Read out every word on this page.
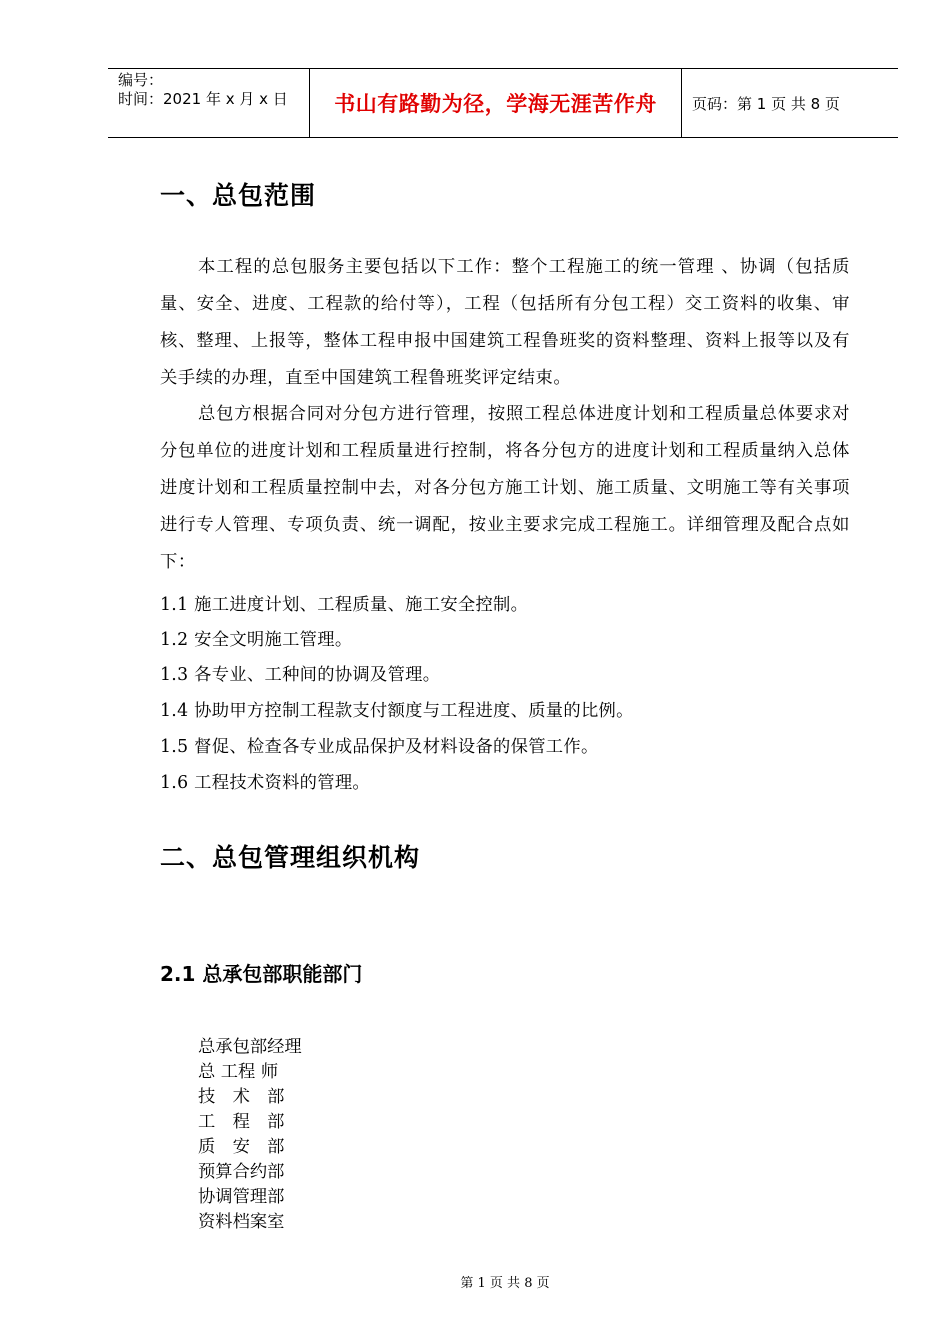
编号：
时间：2021 年 x 月 x 日	书山有路勤为径，学海无涯苦作舟	页码：第 1 页 共 8 页
一、总包范围
本工程的总包服务主要包括以下工作：整个工程施工的统一管理 、协调（包括质量、安全、进度、工程款的给付等），工程（包括所有分包工程）交工资料的收集、审核、整理、上报等，整体工程申报中国建筑工程鲁班奖的资料整理、资料上报等以及有关手续的办理，直至中国建筑工程鲁班奖评定结束。
总包方根据合同对分包方进行管理，按照工程总体进度计划和工程质量总体要求对分包单位的进度计划和工程质量进行控制，将各分包方的进度计划和工程质量纳入总体进度计划和工程质量控制中去，对各分包方施工计划、施工质量、文明施工等有关事项进行专人管理、专项负责、统一调配，按业主要求完成工程施工。详细管理及配合点如下：
1.1 施工进度计划、工程质量、施工安全控制。
1.2 安全文明施工管理。
1.3 各专业、工种间的协调及管理。
1.4 协助甲方控制工程款支付额度与工程进度、质量的比例。
1.5 督促、检查各专业成品保护及材料设备的保管工作。
1.6 工程技术资料的管理。
二、总包管理组织机构
2.1 总承包部职能部门
总承包部经理
总 工程 师
技　术　部
工　程　部
质　安　部
预算合约部
协调管理部
资料档案室
第 1 页 共 8 页
